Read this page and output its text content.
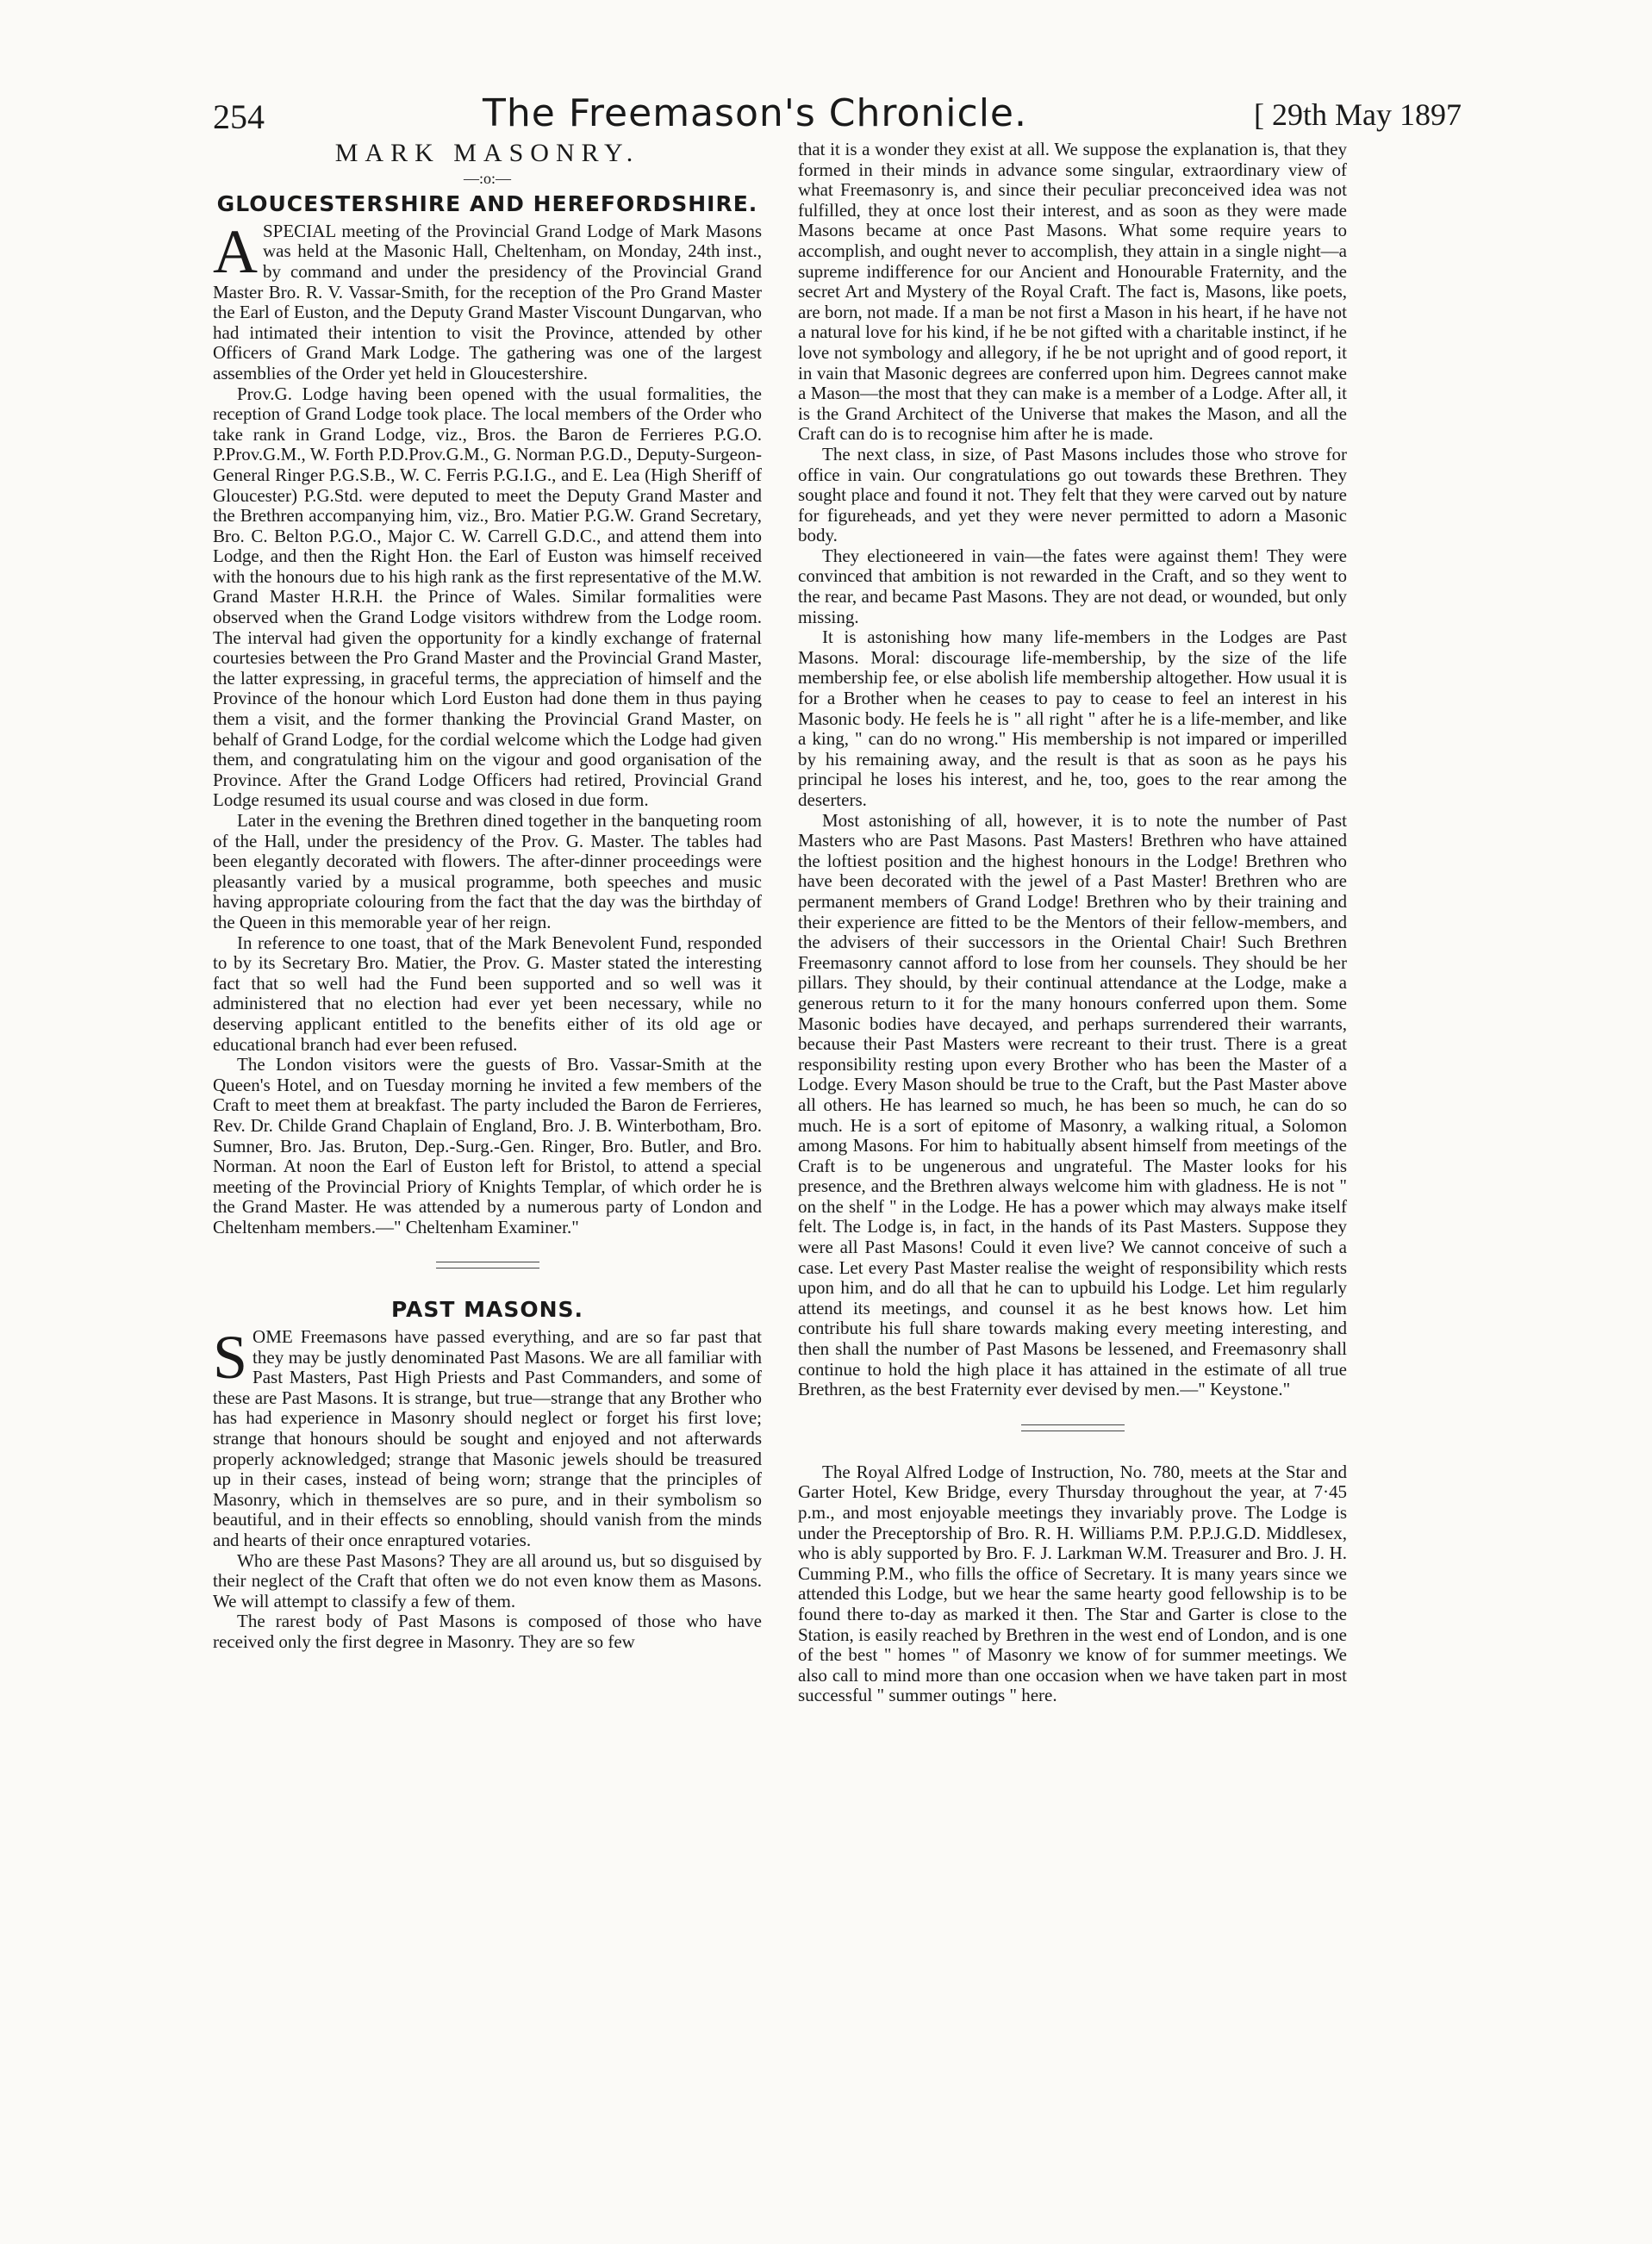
254	The Freemason's Chronicle.	[ 29th May 1897
MARK MASONRY.
—:o:—
GLOUCESTERSHIRE AND HEREFORDSHIRE.

ASPECIAL meeting of the Provincial Grand Lodge of Mark Masons was held at the Masonic Hall, Cheltenham, on Monday, 24th inst., by command and under the presidency of the Provincial Grand Master Bro. R. V. Vassar-Smith, for the reception of the Pro Grand Master the Earl of Euston, and the Deputy Grand Master Viscount Dungarvan, who had intimated their intention to visit the Province, attended by other Officers of Grand Mark Lodge. The gathering was one of the largest assemblies of the Order yet held in Gloucestershire.

Prov.G. Lodge having been opened with the usual formalities, the reception of Grand Lodge took place. The local members of the Order who take rank in Grand Lodge, viz., Bros. the Baron de Ferrieres P.G.O. P.Prov.G.M., W. Forth P.D.Prov.G.M., G. Norman P.G.D., Deputy-Surgeon-General Ringer P.G.S.B., W. C. Ferris P.G.I.G., and E. Lea (High Sheriff of Gloucester) P.G.Std. were deputed to meet the Deputy Grand Master and the Brethren accompanying him, viz., Bro. Matier P.G.W. Grand Secretary, Bro. C. Belton P.G.O., Major C. W. Carrell G.D.C., and attend them into Lodge, and then the Right Hon. the Earl of Euston was himself received with the honours due to his high rank as the first representative of the M.W. Grand Master H.R.H. the Prince of Wales. Similar formalities were observed when the Grand Lodge visitors withdrew from the Lodge room. The interval had given the opportunity for a kindly exchange of fraternal courtesies between the Pro Grand Master and the Provincial Grand Master, the latter expressing, in graceful terms, the appreciation of himself and the Province of the honour which Lord Euston had done them in thus paying them a visit, and the former thanking the Provincial Grand Master, on behalf of Grand Lodge, for the cordial welcome which the Lodge had given them, and congratulating him on the vigour and good organisation of the Province. After the Grand Lodge Officers had retired, Provincial Grand Lodge resumed its usual course and was closed in due form.

Later in the evening the Brethren dined together in the banqueting room of the Hall, under the presidency of the Prov. G. Master. The tables had been elegantly decorated with flowers. The after-dinner proceedings were pleasantly varied by a musical programme, both speeches and music having appropriate colouring from the fact that the day was the birthday of the Queen in this memorable year of her reign.

In reference to one toast, that of the Mark Benevolent Fund, responded to by its Secretary Bro. Matier, the Prov. G. Master stated the interesting fact that so well had the Fund been supported and so well was it administered that no election had ever yet been necessary, while no deserving applicant entitled to the benefits either of its old age or educational branch had ever been refused.

The London visitors were the guests of Bro. Vassar-Smith at the Queen's Hotel, and on Tuesday morning he invited a few members of the Craft to meet them at breakfast. The party included the Baron de Ferrieres, Rev. Dr. Childe Grand Chaplain of England, Bro. J. B. Winterbotham, Bro. Sumner, Bro. Jas. Bruton, Dep.-Surg.-Gen. Ringer, Bro. Butler, and Bro. Norman. At noon the Earl of Euston left for Bristol, to attend a special meeting of the Provincial Priory of Knights Templar, of which order he is the Grand Master. He was attended by a numerous party of London and Cheltenham members.—" Cheltenham Examiner."

PAST MASONS.

SOME Freemasons have passed everything, and are so far past that they may be justly denominated Past Masons. We are all familiar with Past Masters, Past High Priests and Past Commanders, and some of these are Past Masons. It is strange, but true—strange that any Brother who has had experience in Masonry should neglect or forget his first love; strange that honours should be sought and enjoyed and not afterwards properly acknowledged; strange that Masonic jewels should be treasured up in their cases, instead of being worn; strange that the principles of Masonry, which in themselves are so pure, and in their symbolism so beautiful, and in their effects so ennobling, should vanish from the minds and hearts of their once enraptured votaries.

Who are these Past Masons? They are all around us, but so disguised by their neglect of the Craft that often we do not even know them as Masons. We will attempt to classify a few of them.

The rarest body of Past Masons is composed of those who have received only the first degree in Masonry. They are so few

that it is a wonder they exist at all. We suppose the explanation is, that they formed in their minds in advance some singular, extraordinary view of what Freemasonry is, and since their peculiar preconceived idea was not fulfilled, they at once lost their interest, and as soon as they were made Masons became at once Past Masons. What some require years to accomplish, and ought never to accomplish, they attain in a single night—a supreme indifference for our Ancient and Honourable Fraternity, and the secret Art and Mystery of the Royal Craft. The fact is, Masons, like poets, are born, not made. If a man be not first a Mason in his heart, if he have not a natural love for his kind, if he be not gifted with a charitable instinct, if he love not symbology and allegory, if he be not upright and of good report, it in vain that Masonic degrees are conferred upon him. Degrees cannot make a Mason—the most that they can make is a member of a Lodge. After all, it is the Grand Architect of the Universe that makes the Mason, and all the Craft can do is to recognise him after he is made.

The next class, in size, of Past Masons includes those who strove for office in vain. Our congratulations go out towards these Brethren. They sought place and found it not. They felt that they were carved out by nature for figureheads, and yet they were never permitted to adorn a Masonic body.

They electioneered in vain—the fates were against them! They were convinced that ambition is not rewarded in the Craft, and so they went to the rear, and became Past Masons. They are not dead, or wounded, but only missing.

It is astonishing how many life-members in the Lodges are Past Masons. Moral: discourage life-membership, by the size of the life membership fee, or else abolish life membership altogether. How usual it is for a Brother when he ceases to pay to cease to feel an interest in his Masonic body. He feels he is " all right " after he is a life-member, and like a king, " can do no wrong." His membership is not impared or imperilled by his remaining away, and the result is that as soon as he pays his principal he loses his interest, and he, too, goes to the rear among the deserters.

Most astonishing of all, however, it is to note the number of Past Masters who are Past Masons. Past Masters! Brethren who have attained the loftiest position and the highest honours in the Lodge! Brethren who have been decorated with the jewel of a Past Master! Brethren who are permanent members of Grand Lodge! Brethren who by their training and their experience are fitted to be the Mentors of their fellow-members, and the advisers of their successors in the Oriental Chair! Such Brethren Freemasonry cannot afford to lose from her counsels. They should be her pillars. They should, by their continual attendance at the Lodge, make a generous return to it for the many honours conferred upon them. Some Masonic bodies have decayed, and perhaps surrendered their warrants, because their Past Masters were recreant to their trust. There is a great responsibility resting upon every Brother who has been the Master of a Lodge. Every Mason should be true to the Craft, but the Past Master above all others. He has learned so much, he has been so much, he can do so much. He is a sort of epitome of Masonry, a walking ritual, a Solomon among Masons. For him to habitually absent himself from meetings of the Craft is to be ungenerous and ungrateful. The Master looks for his presence, and the Brethren always welcome him with gladness. He is not " on the shelf " in the Lodge. He has a power which may always make itself felt. The Lodge is, in fact, in the hands of its Past Masters. Suppose they were all Past Masons! Could it even live? We cannot conceive of such a case. Let every Past Master realise the weight of responsibility which rests upon him, and do all that he can to upbuild his Lodge. Let him regularly attend its meetings, and counsel it as he best knows how. Let him contribute his full share towards making every meeting interesting, and then shall the number of Past Masons be lessened, and Freemasonry shall continue to hold the high place it has attained in the estimate of all true Brethren, as the best Fraternity ever devised by men.—" Keystone."

The Royal Alfred Lodge of Instruction, No. 780, meets at the Star and Garter Hotel, Kew Bridge, every Thursday throughout the year, at 7·45 p.m., and most enjoyable meetings they invariably prove. The Lodge is under the Preceptorship of Bro. R. H. Williams P.M. P.P.J.G.D. Middlesex, who is ably supported by Bro. F. J. Larkman W.M. Treasurer and Bro. J. H. Cumming P.M., who fills the office of Secretary. It is many years since we attended this Lodge, but we hear the same hearty good fellowship is to be found there to-day as marked it then. The Star and Garter is close to the Station, is easily reached by Brethren in the west end of London, and is one of the best " homes " of Masonry we know of for summer meetings. We also call to mind more than one occasion when we have taken part in most successful " summer outings " here.
